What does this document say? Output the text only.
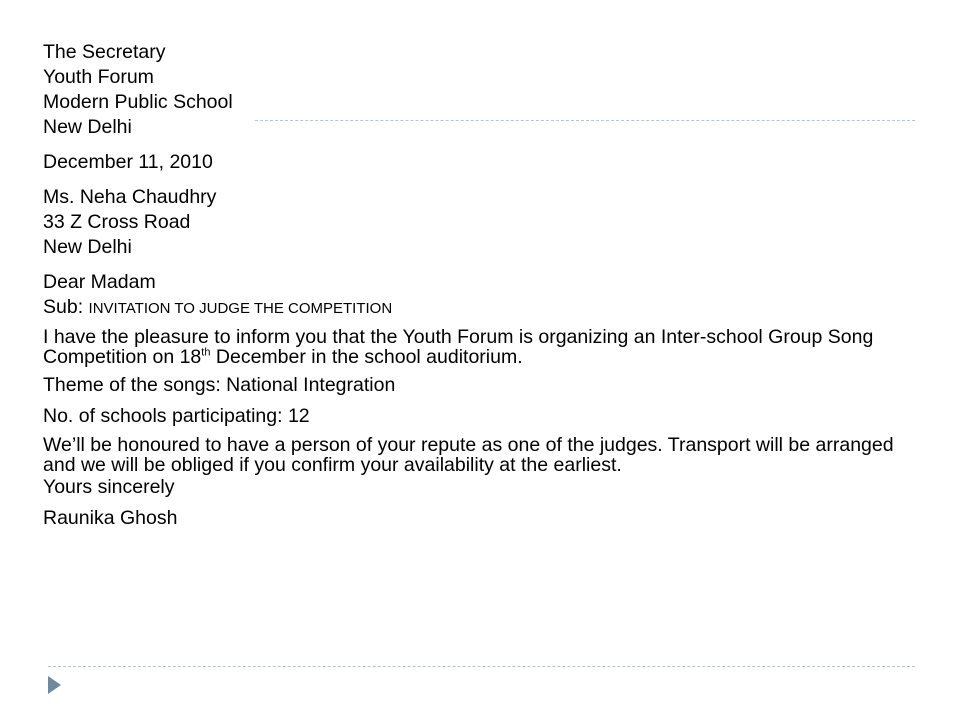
The Secretary
Youth Forum
Modern Public School
New Delhi
December 11, 2010
Ms. Neha Chaudhry
33 Z Cross Road
New Delhi
Dear Madam
Sub: INVITATION TO JUDGE THE COMPETITION
I have the pleasure to inform you that the Youth Forum is organizing an Inter-school Group Song Competition on 18th December in the school auditorium.
Theme of the songs: National Integration
No. of schools participating: 12
We’ll be honoured to have a person of your repute as one of the judges. Transport will be arranged and we will be obliged if you confirm your availability at the earliest.
Yours sincerely
Raunika Ghosh
